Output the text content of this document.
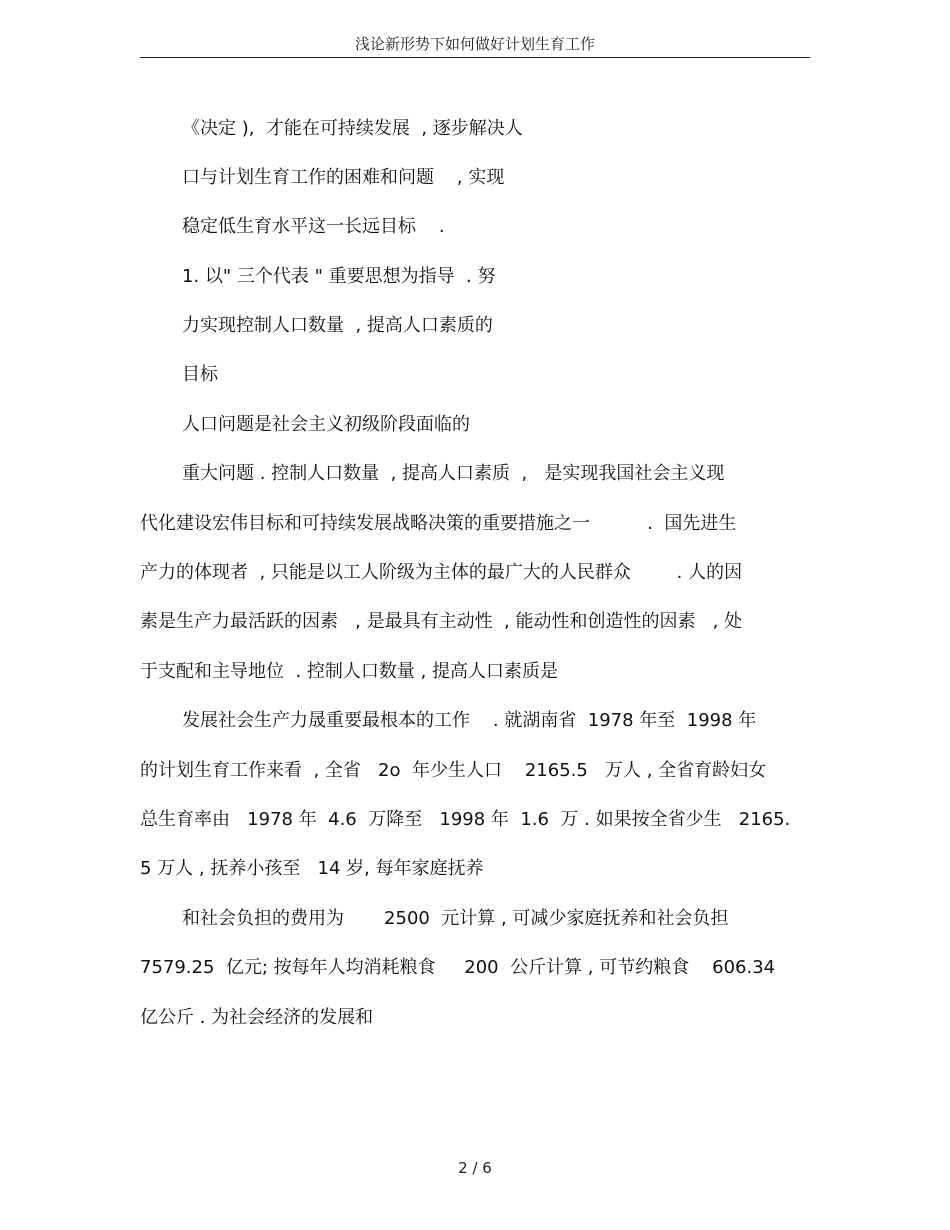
浅论新形势下如何做好计划生育工作
《决定 ),  才能在可持续发展  , 逐步解决人
口与计划生育工作的困难和问题    , 实现
稳定低生育水平这一长远目标    .
1. 以" 三个代表 " 重要思想为指导  . 努
力实现控制人口数量  , 提高人口素质的
目标
人口问题是社会主义初级阶段面临的
重大问题 . 控制人口数量  , 提高人口素质  ,   是实现我国社会主义现
代化建设宏伟目标和可持续发展战略决策的重要措施之一          .  国先进生
产力的体现者  , 只能是以工人阶级为主体的最广大的人民群众        . 人的因
素是生产力最活跃的因素   , 是最具有主动性  , 能动性和创造性的因素   , 处
于支配和主导地位  . 控制人口数量 , 提高人口素质是
发展社会生产力晟重要最根本的工作    . 就湖南省  1978 年至  1998 年
的计划生育工作来看  , 全省   2o  年少生人口    2165.5   万人 , 全省育龄妇女
总生育率由   1978 年  4.6  万降至   1998 年  1.6  万 . 如果按全省少生   2165.
5 万人 , 抚养小孩至   14 岁, 每年家庭抚养
和社会负担的费用为       2500  元计算 , 可减少家庭抚养和社会负担
7579.25  亿元; 按每年人均消耗粮食     200  公斤计算 , 可节约粮食    606.34
亿公斤 . 为社会经济的发展和
2 / 6
